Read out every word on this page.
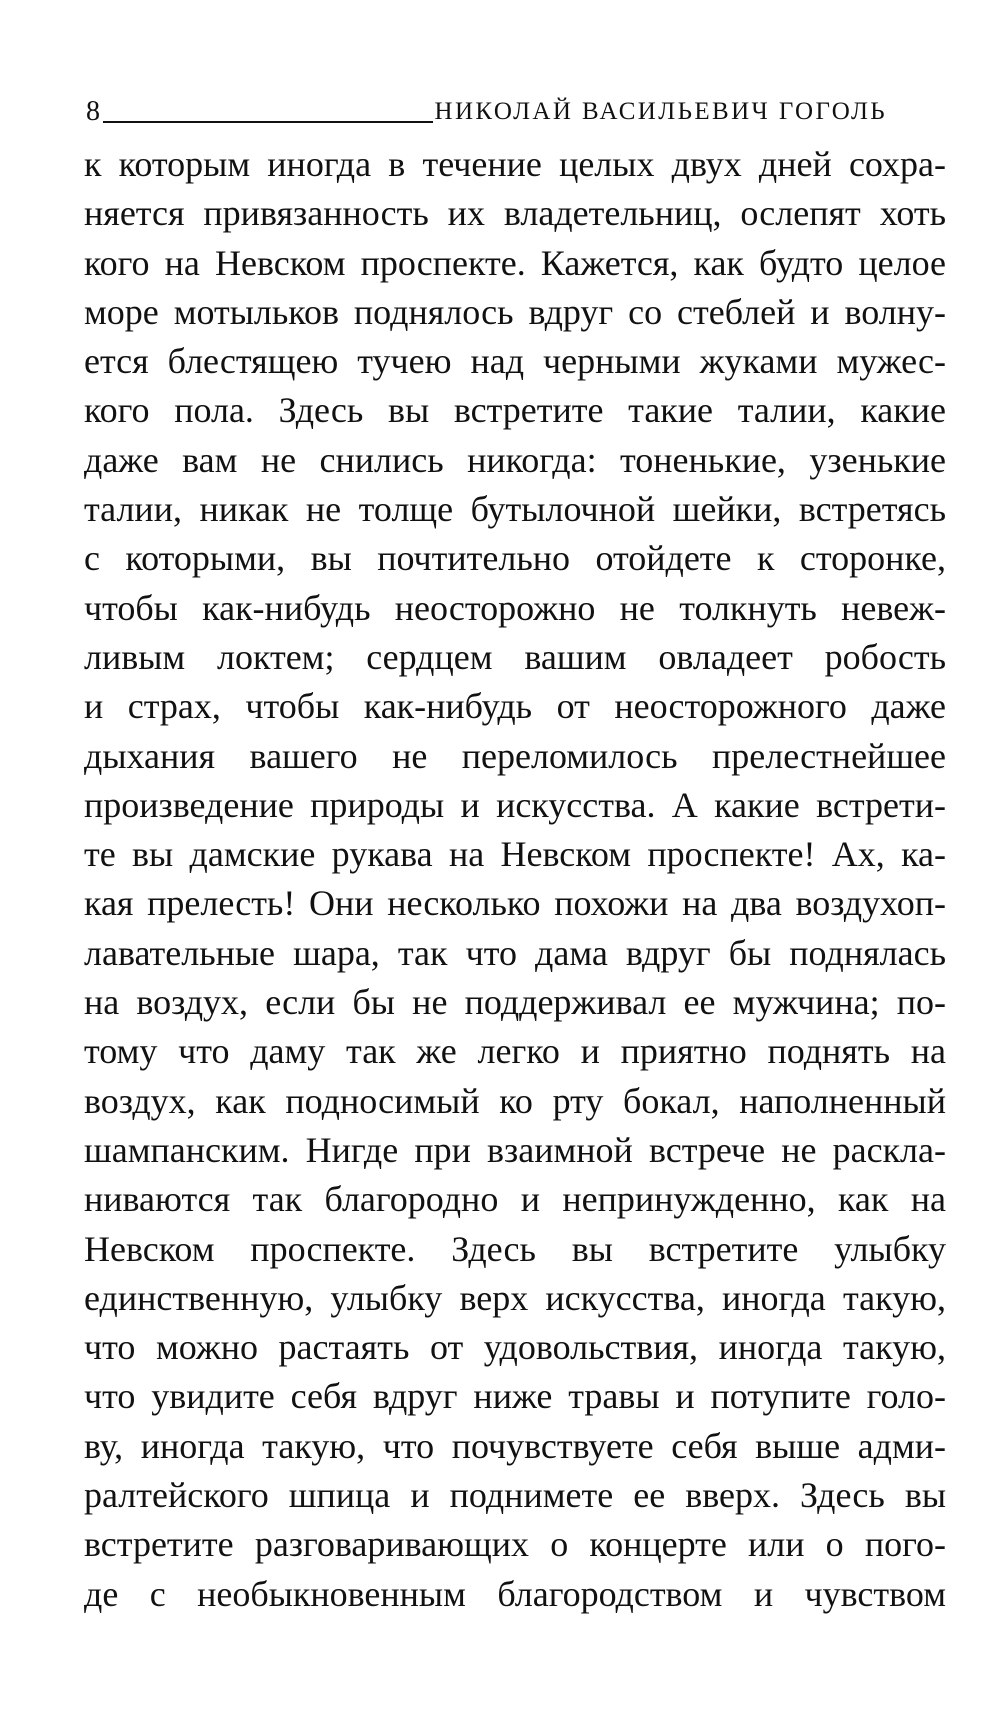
8	НИКОЛАЙ ВАСИЛЬЕВИЧ ГОГОЛЬ
к которым иногда в течение целых двух дней сохра-
няется привязанность их владетельниц, ослепят хоть
кого на Невском проспекте. Кажется, как будто целое
море мотыльков поднялось вдруг со стеблей и волну-
ется блестящею тучею над черными жуками мужес-
кого пола. Здесь вы встретите такие талии, какие
даже вам не снились никогда: тоненькие, узенькие
талии, никак не толще бутылочной шейки, встретясь
с которыми, вы почтительно отойдете к сторонке,
чтобы как-нибудь неосторожно не толкнуть невеж-
ливым локтем; сердцем вашим овладеет робость
и страх, чтобы как-нибудь от неосторожного даже
дыхания вашего не переломилось прелестнейшее
произведение природы и искусства. А какие встрети-
те вы дамские рукава на Невском проспекте! Ах, ка-
кая прелесть! Они несколько похожи на два воздухоп-
лавательные шара, так что дама вдруг бы поднялась
на воздух, если бы не поддерживал ее мужчина; по-
тому что даму так же легко и приятно поднять на
воздух, как подносимый ко рту бокал, наполненный
шампанским. Нигде при взаимной встрече не раскла-
ниваются так благородно и непринужденно, как на
Невском проспекте. Здесь вы встретите улыбку
единственную, улыбку верх искусства, иногда такую,
что можно растаять от удовольствия, иногда такую,
что увидите себя вдруг ниже травы и потупите голо-
ву, иногда такую, что почувствуете себя выше адми-
ралтейского шпица и поднимете ее вверх. Здесь вы
встретите разговаривающих о концерте или о пого-
де с необыкновенным благородством и чувством
